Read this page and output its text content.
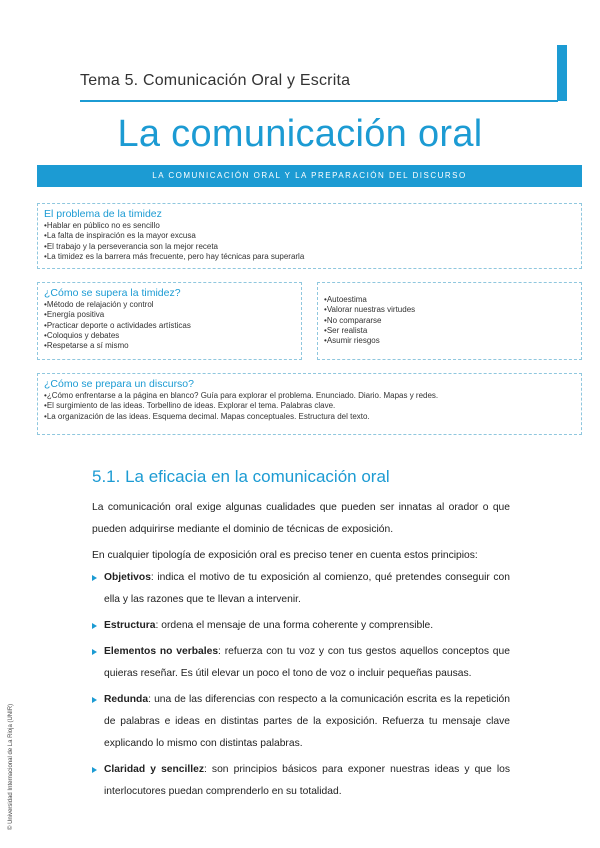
Tema 5. Comunicación Oral y Escrita
La comunicación oral
LA COMUNICACIÓN ORAL Y LA PREPARACIÓN DEL DISCURSO
El problema de la timidez
• Hablar en público no es sencillo
• La falta de inspiración es la mayor excusa
• El trabajo y la perseverancia son la mejor receta
• La timidez es la barrera más frecuente, pero hay técnicas para superarla
¿Cómo se supera la timidez?
• Método de relajación y control
• Energía positiva
• Practicar deporte o actividades artísticas
• Coloquios y debates
• Respetarse a sí mismo
• Autoestima
• Valorar nuestras virtudes
• No compararse
• Ser realista
• Asumir riesgos
¿Cómo se prepara un discurso?
• ¿Cómo enfrentarse a la página en blanco? Guía para explorar el problema. Enunciado. Diario. Mapas y redes.
• El surgimiento de las ideas. Torbellino de ideas. Explorar el tema. Palabras clave.
• La organización de las ideas. Esquema decimal. Mapas conceptuales. Estructura del texto.
5.1. La eficacia en la comunicación oral

La comunicación oral exige algunas cualidades que pueden ser innatas al orador o que pueden adquirirse mediante el dominio de técnicas de exposición.

En cualquier tipología de exposición oral es preciso tener en cuenta estos principios:

Objetivos: indica el motivo de tu exposición al comienzo, qué pretendes conseguir con ella y las razones que te llevan a intervenir.
Estructura: ordena el mensaje de una forma coherente y comprensible.
Elementos no verbales: refuerza con tu voz y con tus gestos aquellos conceptos que quieras reseñar. Es útil elevar un poco el tono de voz o incluir pequeñas pausas.
Redunda: una de las diferencias con respecto a la comunicación escrita es la repetición de palabras e ideas en distintas partes de la exposición. Refuerza tu mensaje clave explicando lo mismo con distintas palabras.
Claridad y sencillez: son principios básicos para exponer nuestras ideas y que los interlocutores puedan comprenderlo en su totalidad.
© Universidad Internacional de La Rioja (UNIR)
